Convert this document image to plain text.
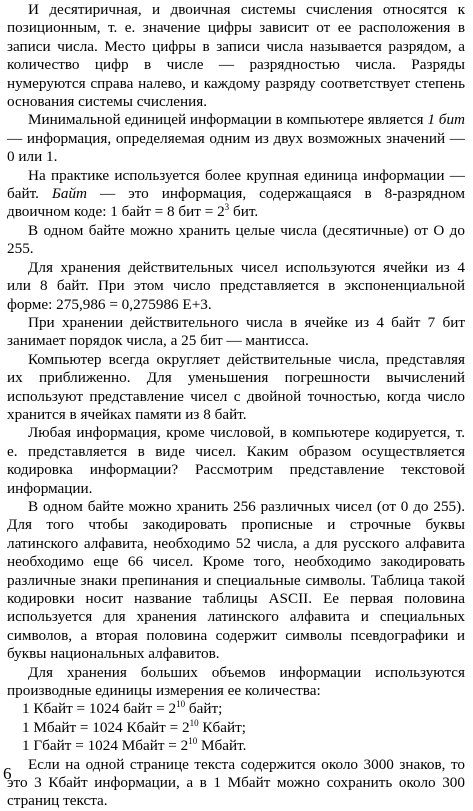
И десятиричная, и двоичная системы счисления относятся к позиционным, т. е. значение цифры зависит от ее расположения в записи числа. Место цифры в записи числа называется разрядом, а количество цифр в числе — разрядностью числа. Разряды нумеруются справа налево, и каждому разряду соответствует степень основания системы счисления.

Минимальной единицей информации в компьютере является 1 бит — информация, определяемая одним из двух возможных значений — 0 или 1.

На практике используется более крупная единица информации — байт. Байт — это информация, содержащаяся в 8-разрядном двоичном коде: 1 байт = 8 бит = $2^3$ бит.

В одном байте можно хранить целые числа (десятичные) от О до 255.

Для хранения действительных чисел используются ячейки из 4 или 8 байт. При этом число представляется в экспоненциальной форме: 275,986 = 0,275986 Е+3.

При хранении действительного числа в ячейке из 4 байт 7 бит занимает порядок числа, а 25 бит — мантисса.

Компьютер всегда округляет действительные числа, представляя их приближенно. Для уменьшения погрешности вычислений используют представление чисел с двойной точностью, когда число хранится в ячейках памяти из 8 байт.

Любая информация, кроме числовой, в компьютере кодируется, т. е. представляется в виде чисел. Каким образом осуществляется кодировка информации? Рассмотрим представление текстовой информации.

В одном байте можно хранить 256 различных чисел (от 0 до 255). Для того чтобы закодировать прописные и строчные буквы латинского алфавита, необходимо 52 числа, а для русского алфавита необходимо еще 66 чисел. Кроме того, необходимо закодировать различные знаки препинания и специальные символы. Таблица такой кодировки носит название таблицы ASCII. Ее первая половина используется для хранения латинского алфавита и специальных символов, а вторая половина содержит символы псевдографики и буквы национальных алфавитов.

Для хранения больших объемов информации используются производные единицы измерения ее количества:

1 Кбайт = 1024 байт = $2^{10}$ байт;

1 Мбайт = 1024 Кбайт = $2^{10}$ Кбайт;

1 Гбайт = 1024 Мбайт = $2^{10}$ Мбайт.

Если на одной странице текста содержится около 3000 знаков, то это 3 Кбайт информации, а в 1 Мбайт можно сохранить около 300 страниц текста.

6
